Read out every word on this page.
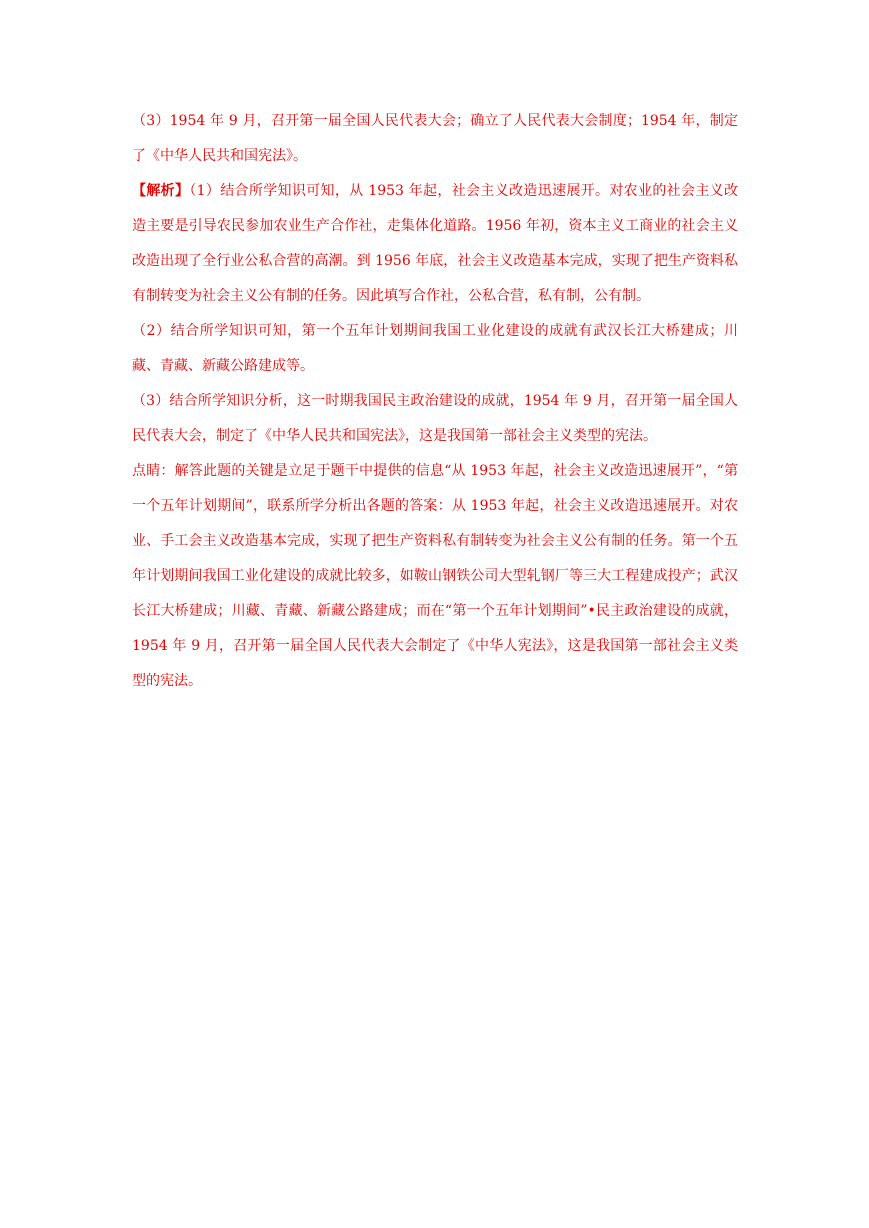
（3）1954 年 9 月，召开第一届全国人民代表大会；确立了人民代表大会制度；1954 年，制定了《中华人民共和国宪法》。

【解析】（1）结合所学知识可知，从 1953 年起，社会主义改造迅速展开。对农业的社会主义改造主要是引导农民参加农业生产合作社，走集体化道路。1956 年初，资本主义工商业的社会主义改造出现了全行业公私合营的高潮。到 1956 年底，社会主义改造基本完成，实现了把生产资料私有制转变为社会主义公有制的任务。因此填写合作社，公私合营，私有制，公有制。

（2）结合所学知识可知，第一个五年计划期间我国工业化建设的成就有武汉长江大桥建成；川藏、青藏、新藏公路建成等。

（3）结合所学知识分析，这一时期我国民主政治建设的成就，1954 年 9 月，召开第一届全国人民代表大会，制定了《中华人民共和国宪法》，这是我国第一部社会主义类型的宪法。

点睛：解答此题的关键是立足于题干中提供的信息“从 1953 年起，社会主义改造迅速展开”，“第一个五年计划期间”，联系所学分析出各题的答案：从 1953 年起，社会主义改造迅速展开。对农业、手工会主义改造基本完成，实现了把生产资料私有制转变为社会主义公有制的任务。第一个五年计划期间我国工业化建设的成就比较多，如鞍山钢铁公司大型轧钢厂等三大工程建成投产；武汉长江大桥建成；川藏、青藏、新藏公路建成；而在“第一个五年计划期间”•民主政治建设的成就，1954 年 9 月，召开第一届全国人民代表大会制定了《中华人宪法》，这是我国第一部社会主义类型的宪法。
